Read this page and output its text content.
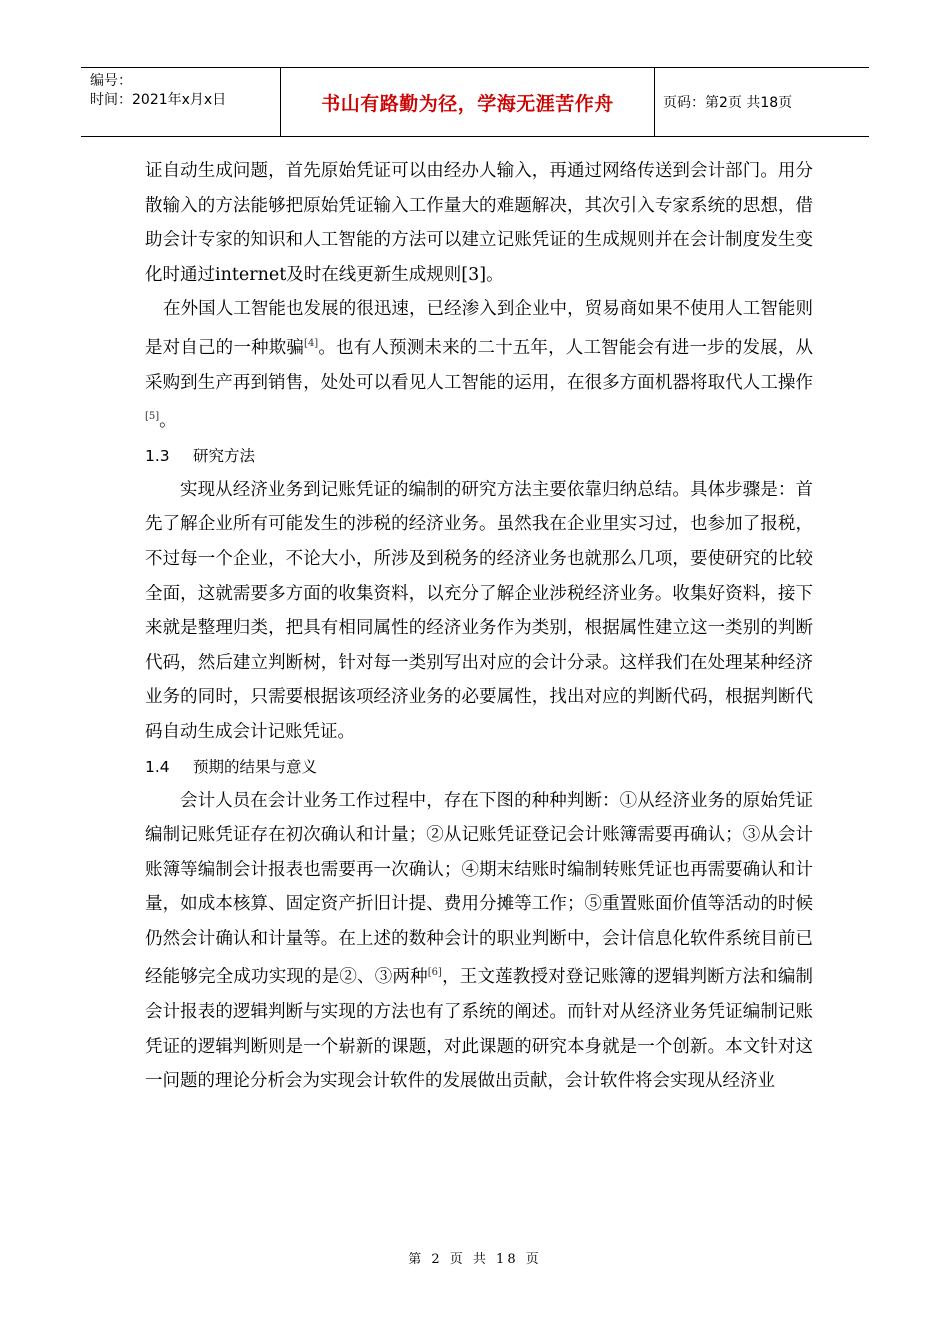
编号：
时间：2021年x月x日	书山有路勤为径，学海无涯苦作舟	页码：第2页 共18页

证自动生成问题，首先原始凭证可以由经办人输入，再通过网络传送到会计部门。用分散输入的方法能够把原始凭证输入工作量大的难题解决，其次引入专家系统的思想，借助会计专家的知识和人工智能的方法可以建立记账凭证的生成规则并在会计制度发生变化时通过internet及时在线更新生成规则[3]。

在外国人工智能也发展的很迅速，已经渗入到企业中，贸易商如果不使用人工智能则是对自己的一种欺骗[4]。也有人预测未来的二十五年，人工智能会有进一步的发展，从采购到生产再到销售，处处可以看见人工智能的运用，在很多方面机器将取代人工操作[5]。

1.3 研究方法

实现从经济业务到记账凭证的编制的研究方法主要依靠归纳总结。具体步骤是：首先了解企业所有可能发生的涉税的经济业务。虽然我在企业里实习过，也参加了报税，不过每一个企业，不论大小，所涉及到税务的经济业务也就那么几项，要使研究的比较全面，这就需要多方面的收集资料，以充分了解企业涉税经济业务。收集好资料，接下来就是整理归类，把具有相同属性的经济业务作为类别，根据属性建立这一类别的判断代码，然后建立判断树，针对每一类别写出对应的会计分录。这样我们在处理某种经济业务的同时，只需要根据该项经济业务的必要属性，找出对应的判断代码，根据判断代码自动生成会计记账凭证。

1.4 预期的结果与意义

会计人员在会计业务工作过程中，存在下图的种种判断：①从经济业务的原始凭证编制记账凭证存在初次确认和计量；②从记账凭证登记会计账簿需要再确认；③从会计账簿等编制会计报表也需要再一次确认；④期末结账时编制转账凭证也再需要确认和计量，如成本核算、固定资产折旧计提、费用分摊等工作；⑤重置账面价值等活动的时候仍然会计确认和计量等。在上述的数种会计的职业判断中，会计信息化软件系统目前已经能够完全成功实现的是②、③两种[6]，王文莲教授对登记账簿的逻辑判断方法和编制会计报表的逻辑判断与实现的方法也有了系统的阐述。而针对从经济业务凭证编制记账凭证的逻辑判断则是一个崭新的课题，对此课题的研究本身就是一个创新。本文针对这一问题的理论分析会为实现会计软件的发展做出贡献，会计软件将会实现从经济业

第 2 页 共 18 页
